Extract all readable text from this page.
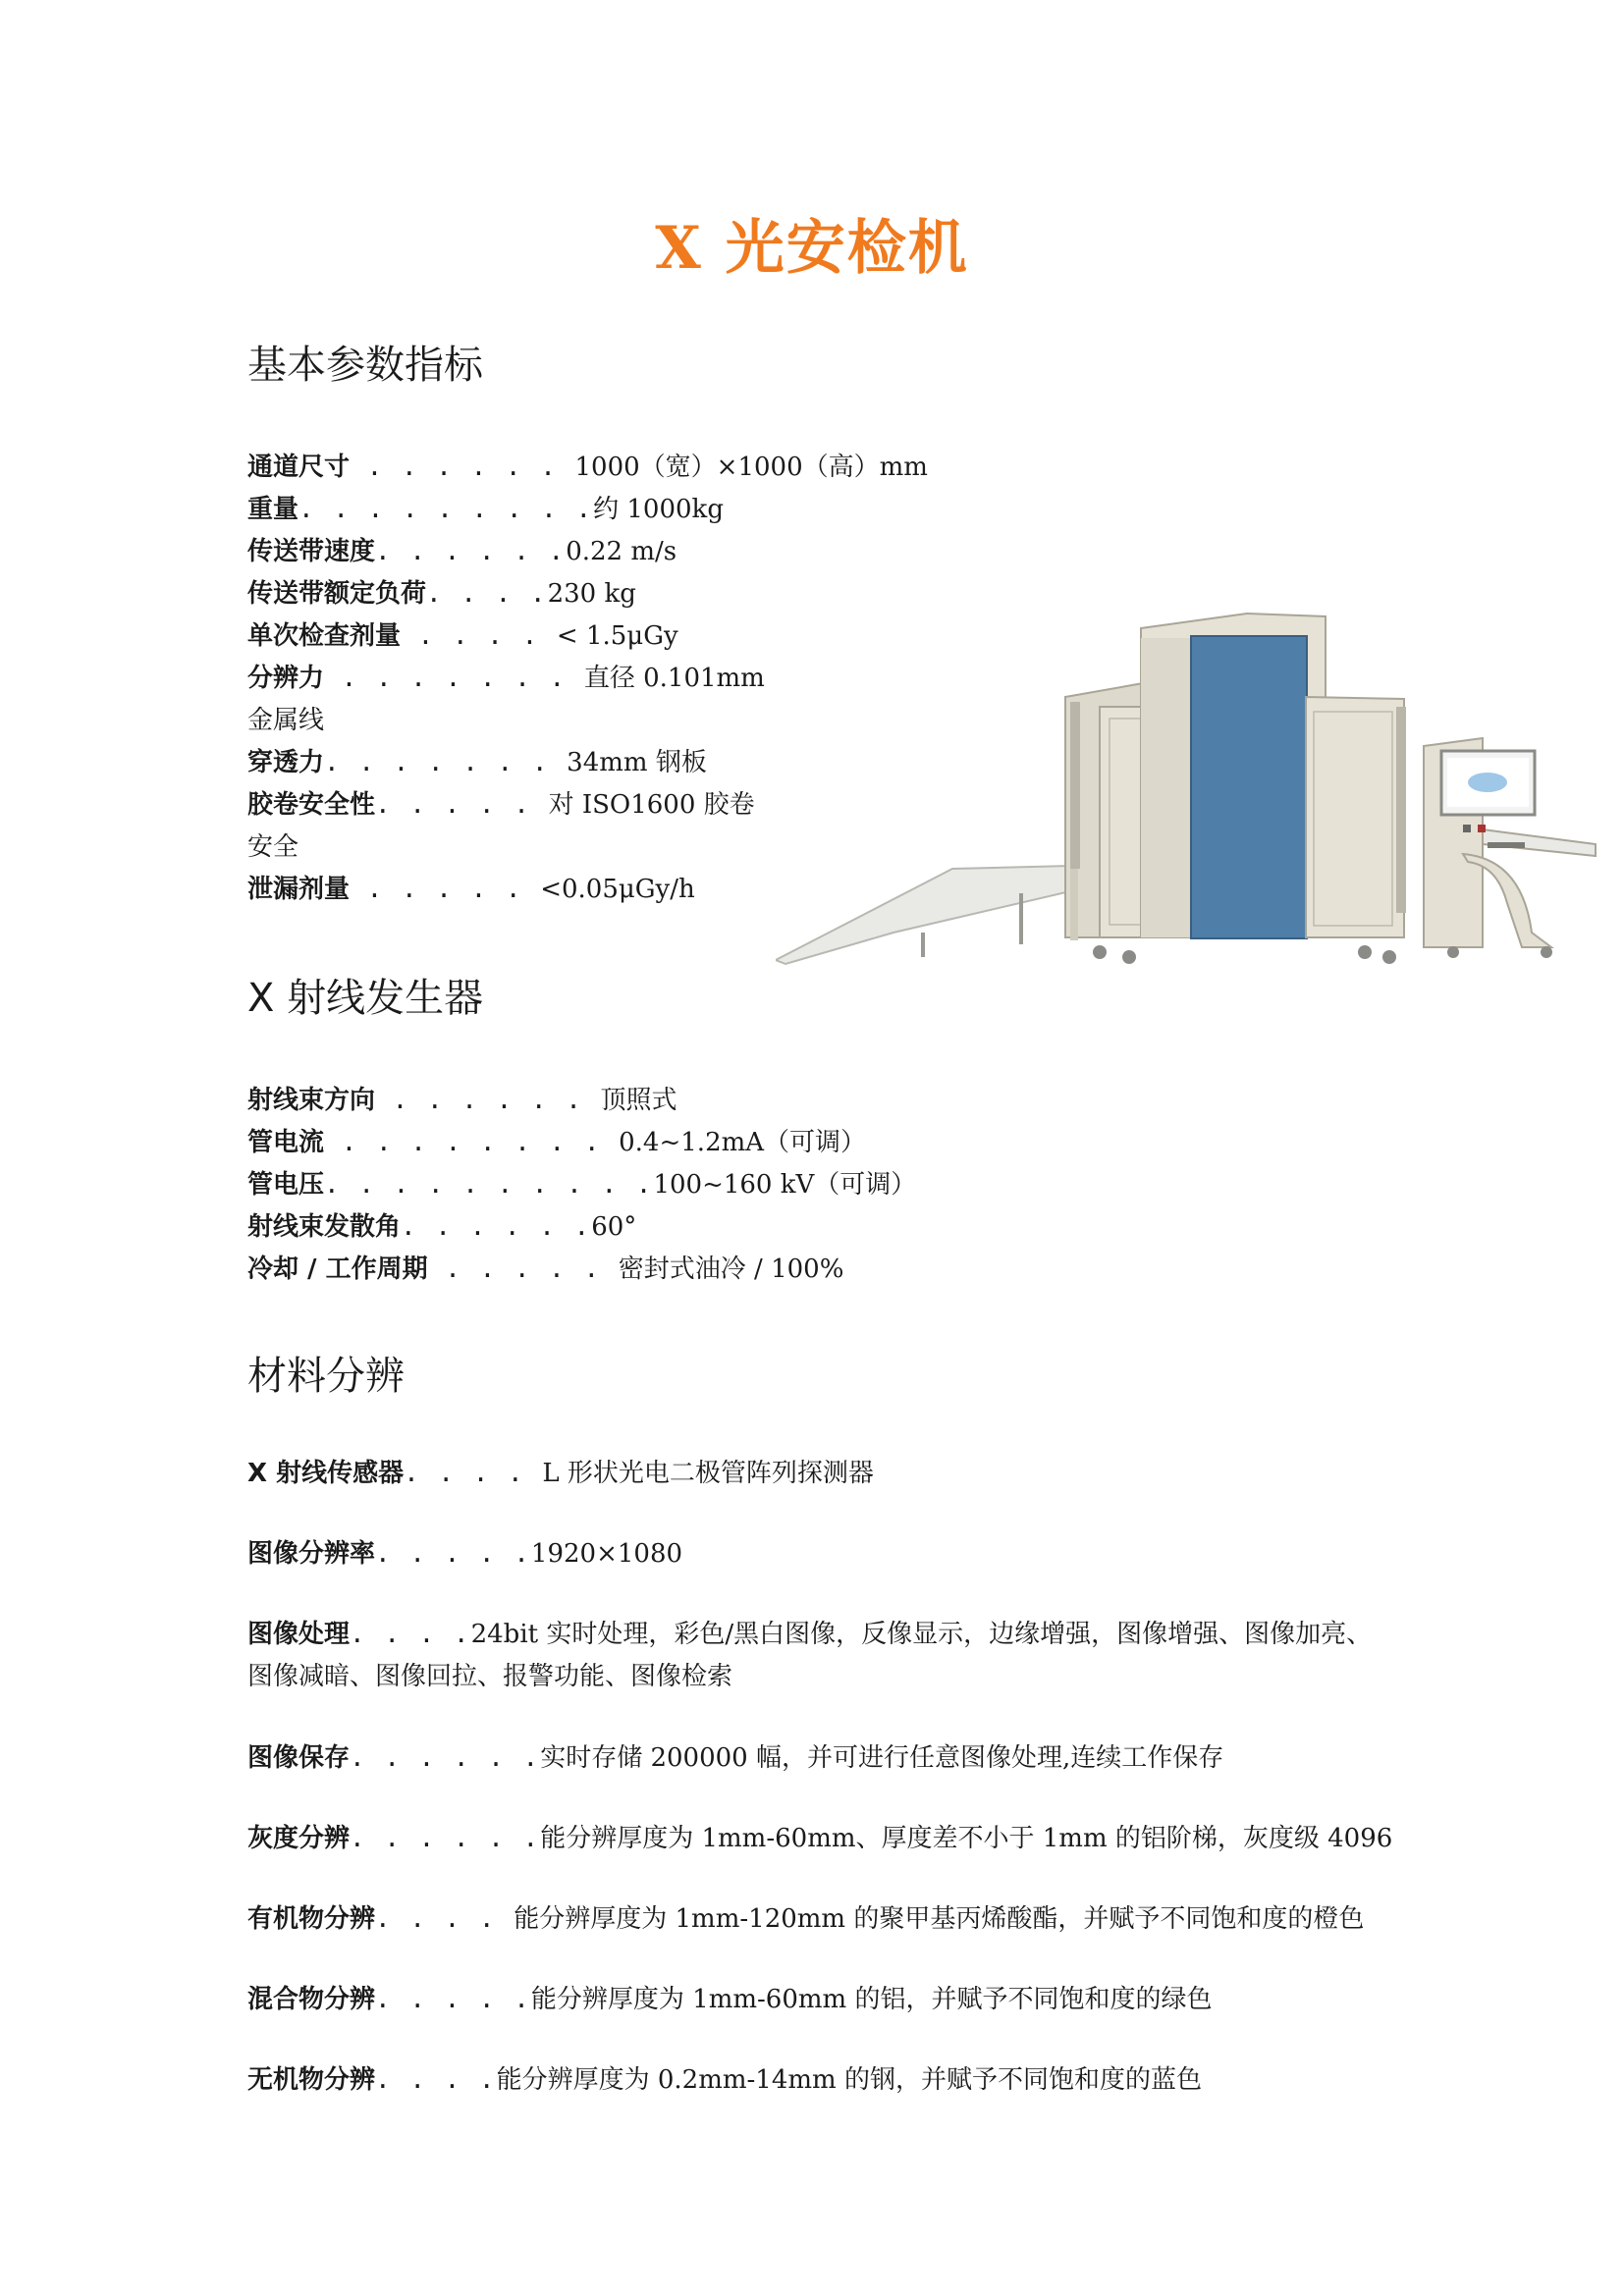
X 光安检机
基本参数指标
通道尺寸 . . . . . . 1000（宽）×1000（高）mm
重量. . . . . . . . .约 1000kg
传送带速度. . . . . .0.22 m/s
传送带额定负荷. . . .230 kg
单次检查剂量 . . . . < 1.5μGy
分辨力 . . . . . . . 直径 0.101mm
金属线
穿透力. . . . . . . 34mm 钢板
胶卷安全性. . . . . 对 ISO1600 胶卷
安全
泄漏剂量 . . . . . <0.05μGy/h
X 射线发生器
射线束方向 . . . . . . 顶照式
管电流 . . . . . . . . 0.4~1.2mA（可调）
管电压. . . . . . . . . .100~160 kV（可调）
射线束发散角. . . . . .60°
冷却 / 工作周期 . . . . . 密封式油冷 / 100%
材料分辨
X 射线传感器. . . . L 形状光电二极管阵列探测器
图像分辨率. . . . .1920×1080
图像处理. . . .24bit 实时处理，彩色/黑白图像，反像显示，边缘增强，图像增强、图像加亮、
图像减暗、图像回拉、报警功能、图像检索
图像保存. . . . . .实时存储 200000 幅，并可进行任意图像处理,连续工作保存
灰度分辨. . . . . .能分辨厚度为 1mm-60mm、厚度差不小于 1mm 的铝阶梯，灰度级 4096
有机物分辨. . . . 能分辨厚度为 1mm-120mm 的聚甲基丙烯酸酯，并赋予不同饱和度的橙色
混合物分辨. . . . .能分辨厚度为 1mm-60mm 的铝，并赋予不同饱和度的绿色
无机物分辨. . . .能分辨厚度为 0.2mm-14mm 的钢，并赋予不同饱和度的蓝色
